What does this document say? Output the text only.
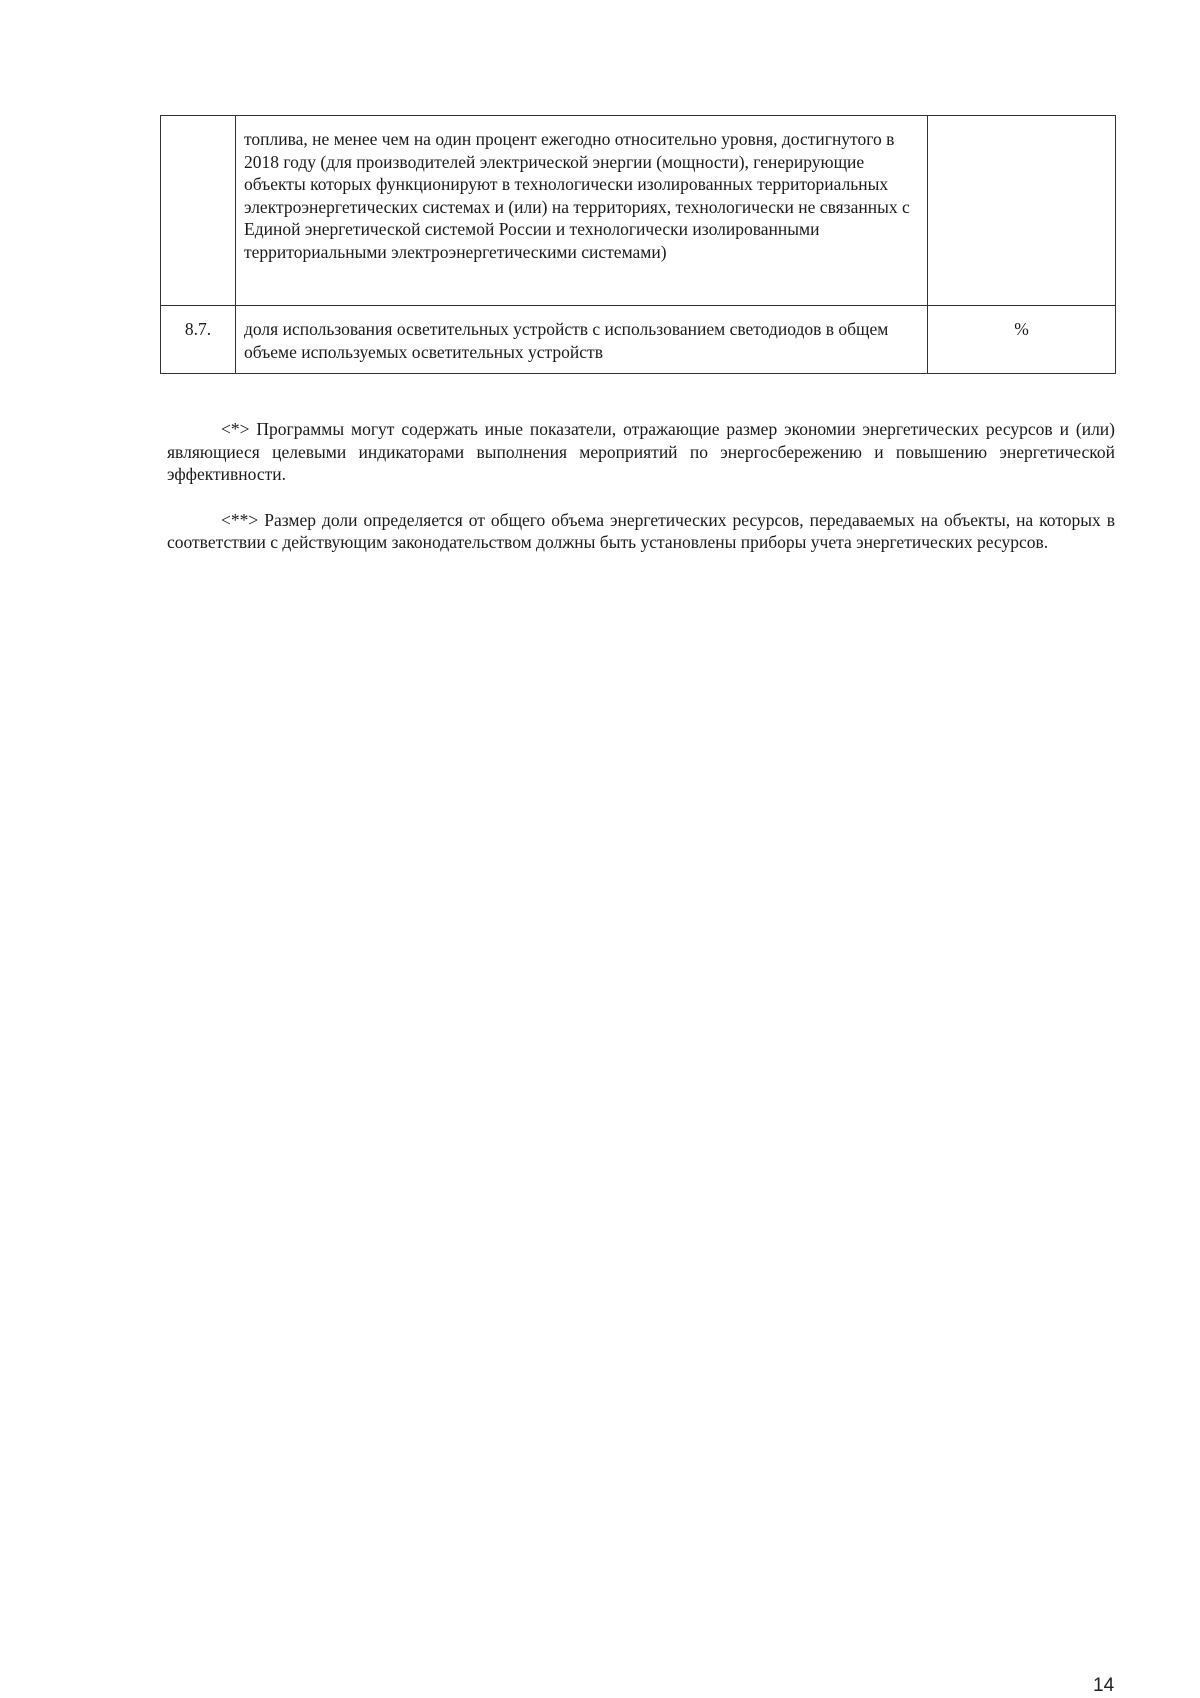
	топлива, не менее чем на один процент ежегодно относительно уровня, достигнутого в 2018 году (для производителей электрической энергии (мощности), генерирующие объекты которых функционируют в технологически изолированных территориальных электроэнергетических системах и (или) на территориях, технологически не связанных с Единой энергетической системой России и технологически изолированными территориальными электроэнергетическими системами)	
8.7.	доля использования осветительных устройств с использованием светодиодов в общем объеме используемых осветительных устройств	%

<*> Программы могут содержать иные показатели, отражающие размер экономии энергетических ресурсов и (или) являющиеся целевыми индикаторами выполнения мероприятий по энергосбережению и повышению энергетической эффективности.

<**> Размер доли определяется от общего объема энергетических ресурсов, передаваемых на объекты, на которых в соответствии с действующим законодательством должны быть установлены приборы учета энергетических ресурсов.

14
